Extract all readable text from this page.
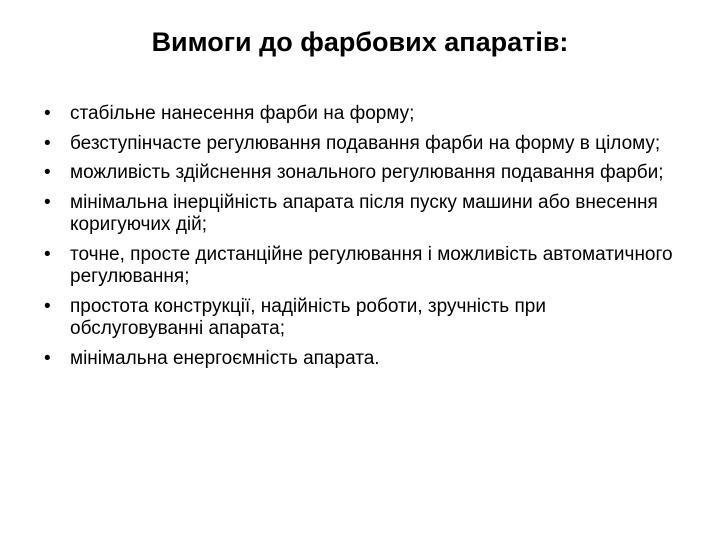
Вимоги до фарбових апаратів:
•	стабільне нанесення фарби на форму;
•	безступінчасте регулювання подавання фарби на форму в цілому;
•	можливість здійснення зонального регулювання подавання фарби;
•	мінімальна інерційність апарата після пуску машини або внесення коригуючих дій;
•	точне, просте дистанційне регулювання і можливість автоматичного регулювання;
•	простота конструкції, надійність роботи, зручність при обслуговуванні апарата;
•	мінімальна енергоємність апарата.
